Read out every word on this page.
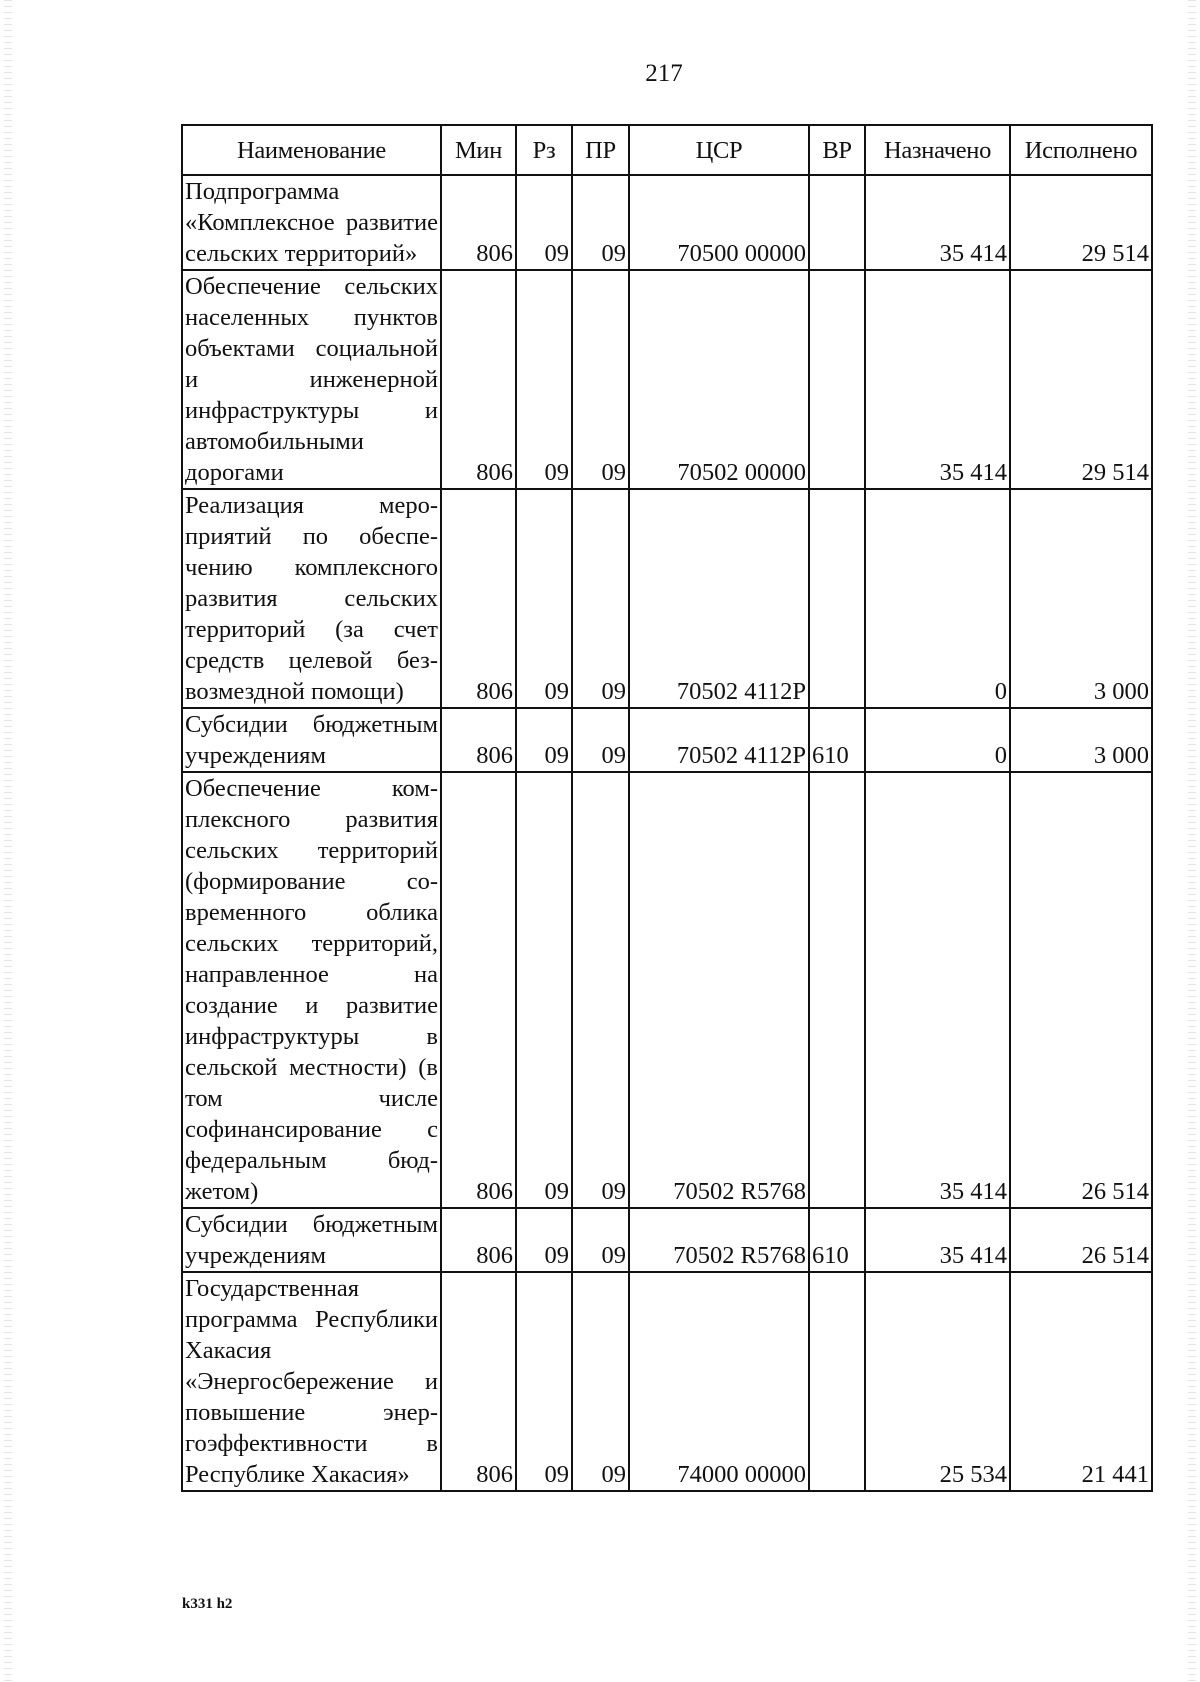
217
Наименование	Мин	Рз	ПР	ЦСР	ВР	Назначено	Исполнено
Подпрограмма «Комплексное развитие сельских территорий»	806	09	09	70500 00000		35 414	29 514
Обеспечение сельских населенных пунктов объектами социальной и инженерной инфраструктуры и автомобильными дорогами	806	09	09	70502 00000		35 414	29 514
Реализация мероприятий по обеспечению комплексного развития сельских территорий (за счет средств целевой безвозмездной помощи)	806	09	09	70502 4112Р		0	3 000
Субсидии бюджетным учреждениям	806	09	09	70502 4112Р	610	0	3 000
Обеспечение комплексного развития сельских территорий (формирование современного облика сельских территорий, направленное на создание и развитие инфраструктуры в сельской местности) (в том числе софинансирование с федеральным бюджетом)	806	09	09	70502 R5768		35 414	26 514
Субсидии бюджетным учреждениям	806	09	09	70502 R5768	610	35 414	26 514
Государственная программа Республики Хакасия «Энергосбережение и повышение энергоэффективности в Республике Хакасия»	806	09	09	74000 00000		25 534	21 441
k331 h2
